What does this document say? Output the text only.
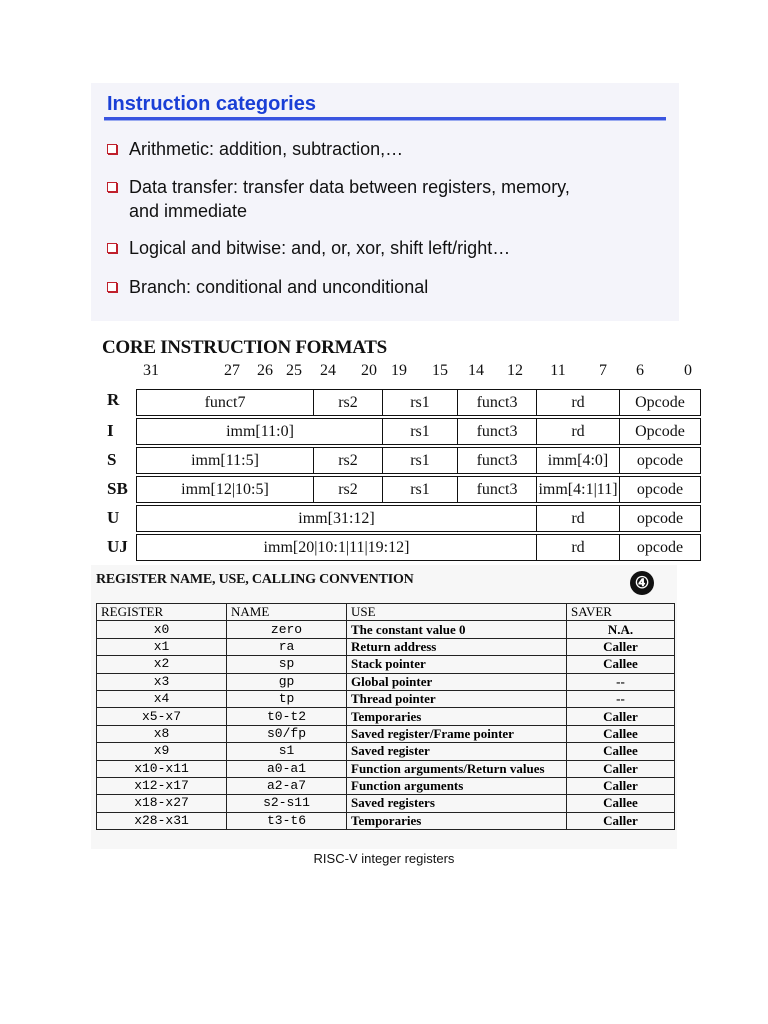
Instruction categories
Arithmetic: addition, subtraction,…
Data transfer: transfer data between registers, memory,
and immediate
Logical and bitwise: and, or, xor, shift left/right…
Branch: conditional and unconditional
CORE INSTRUCTION FORMATS
31	27 26 25 24 20 19 15 14 12 11 7 6	0
R	funct7	rs2	rs1	funct3	rd	Opcode
I	imm[11:0]	rs1	funct3	rd	Opcode
S	imm[11:5]	rs2	rs1	funct3	imm[4:0]	opcode
SB	imm[12|10:5]	rs2	rs1	funct3	imm[4:1|11]	opcode
U	imm[31:12]	rd	opcode
UJ	imm[20|10:1|11|19:12]	rd	opcode
REGISTER NAME, USE, CALLING CONVENTION	④
REGISTER	NAME	USE	SAVER
x0	zero	The constant value 0	N.A.
x1	ra	Return address	Caller
x2	sp	Stack pointer	Callee
x3	gp	Global pointer	--
x4	tp	Thread pointer	--
x5-x7	t0-t2	Temporaries	Caller
x8	s0/fp	Saved register/Frame pointer	Callee
x9	s1	Saved register	Callee
x10-x11	a0-a1	Function arguments/Return values	Caller
x12-x17	a2-a7	Function arguments	Caller
x18-x27	s2-s11	Saved registers	Callee
x28-x31	t3-t6	Temporaries	Caller
RISC-V integer registers
